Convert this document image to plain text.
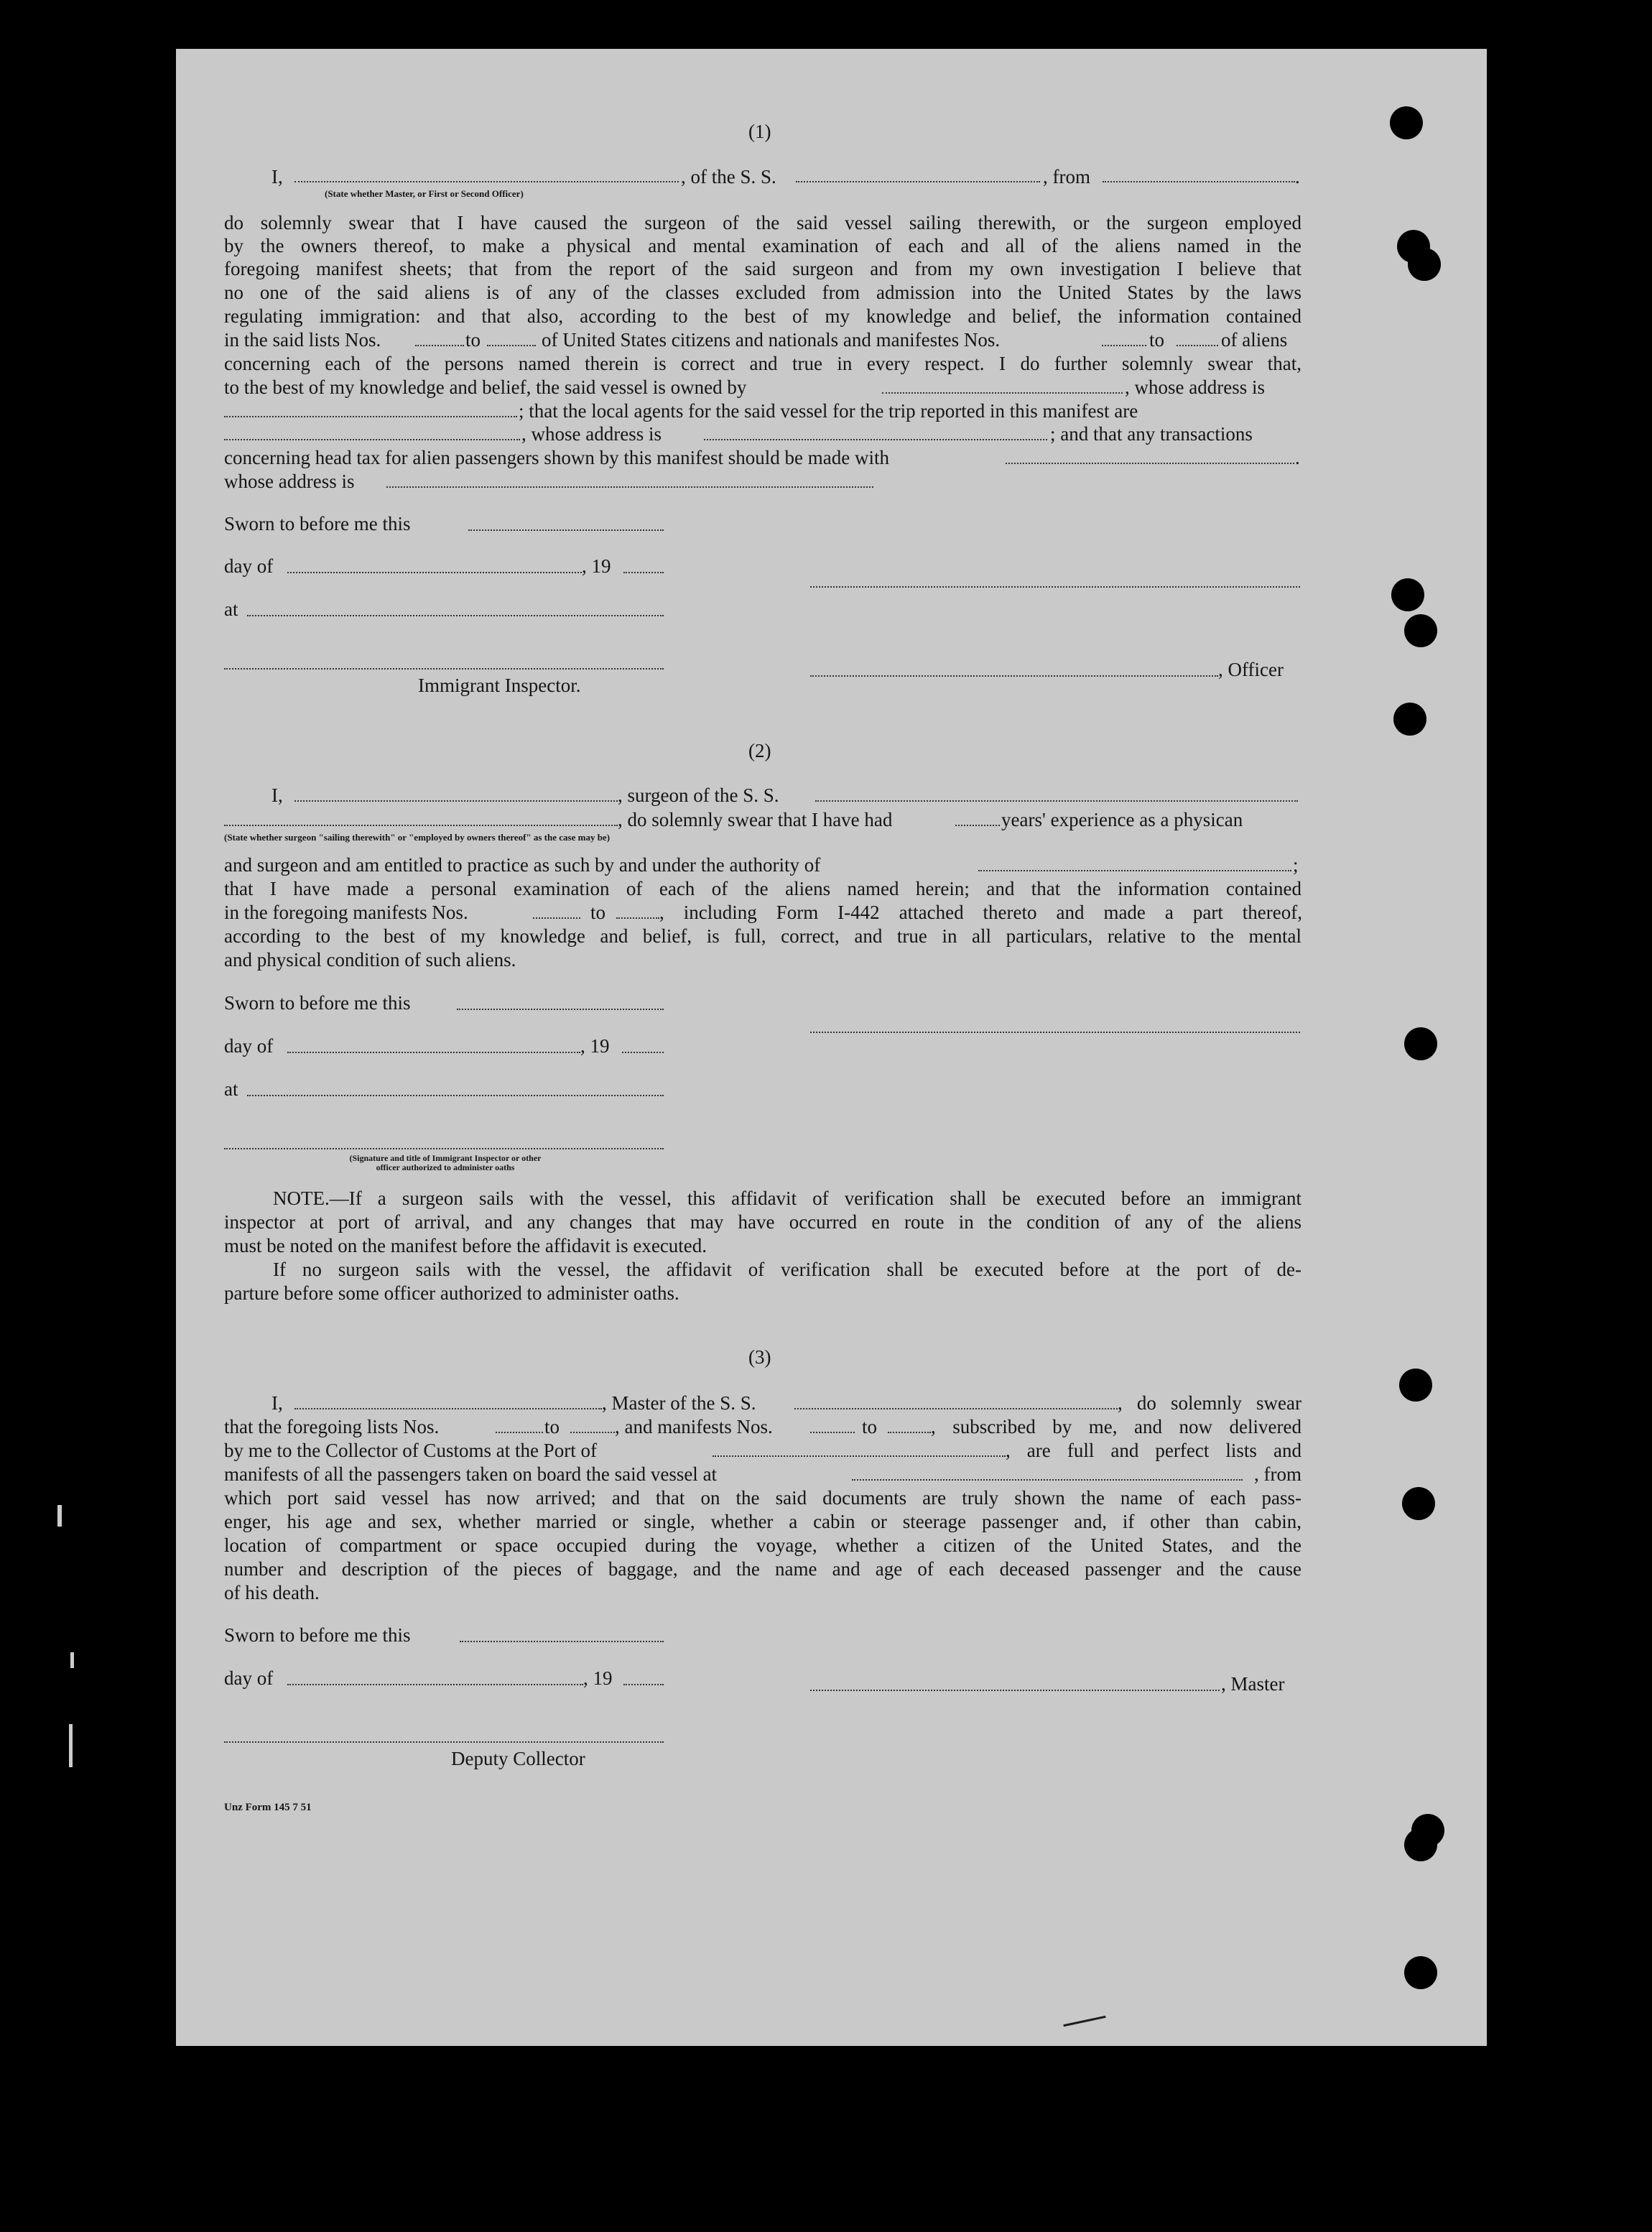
(1)
I,	, of the S. S.	, from	.
(State whether Master, or First or Second Officer)
do solemnly swear that I have caused the surgeon of the said vessel sailing therewith, or the surgeon employed
by the owners thereof, to make a physical and mental examination of each and all of the aliens named in the
foregoing manifest sheets; that from the report of the said surgeon and from my own investigation I believe that
no one of the said aliens is of any of the classes excluded from admission into the United States by the laws
regulating immigration: and that also, according to the best of my knowledge and belief, the information contained
in the said lists Nos.	to	of United States citizens and nationals and manifestes Nos.	to	of aliens
concerning each of the persons named therein is correct and true in every respect. I do further solemnly swear that,
to the best of my knowledge and belief, the said vessel is owned by	, whose address is
; that the local agents for the said vessel for the trip reported in this manifest are
, whose address is	; and that any transactions
concerning head tax for alien passengers shown by this manifest should be made with	.
whose address is
Sworn to before me this
day of	, 19
at
, Officer
Immigrant Inspector.
(2)
I,	, surgeon of the S. S.
, do solemnly swear that I have had	years' experience as a physican
(State whether surgeon "sailing therewith" or "employed by owners thereof" as the case may be)
and surgeon and am entitled to practice as such by and under the authority of	;
that I have made a personal examination of each of the aliens named herein; and that the information contained
in the foregoing manifests Nos.	to	, including Form I-442 attached thereto and made a part thereof,
according to the best of my knowledge and belief, is full, correct, and true in all particulars, relative to the mental
and physical condition of such aliens.
Sworn to before me this
day of	, 19
at
(Signature and title of Immigrant Inspector or other
officer authorized to administer oaths
NOTE.—If a surgeon sails with the vessel, this affidavit of verification shall be executed before an immigrant
inspector at port of arrival, and any changes that may have occurred en route in the condition of any of the aliens
must be noted on the manifest before the affidavit is executed.
If no surgeon sails with the vessel, the affidavit of verification shall be executed before at the port of de-
parture before some officer authorized to administer oaths.
(3)
I,	, Master of the S. S.	, do solemnly swear
that the foregoing lists Nos.	to	, and manifests Nos.	to	, subscribed by me, and now delivered
by me to the Collector of Customs at the Port of	, are full and perfect lists and
manifests of all the passengers taken on board the said vessel at	, from
which port said vessel has now arrived; and that on the said documents are truly shown the name of each pass-
enger, his age and sex, whether married or single, whether a cabin or steerage passenger and, if other than cabin,
location of compartment or space occupied during the voyage, whether a citizen of the United States, and the
number and description of the pieces of baggage, and the name and age of each deceased passenger and the cause
of his death.
Sworn to before me this
day of	, 19	, Master
Deputy Collector
Unz Form 145 7 51
